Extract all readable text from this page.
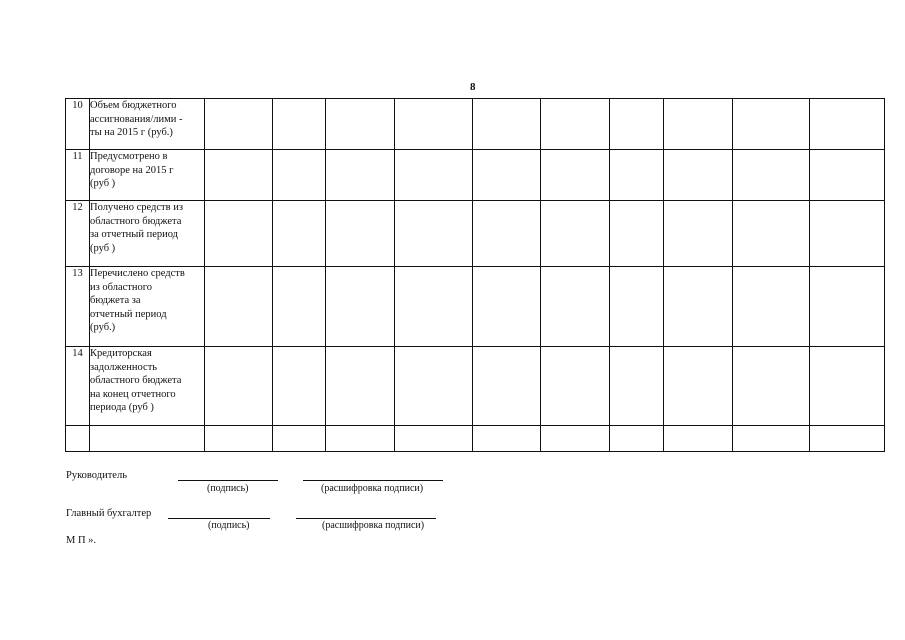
8
10	Объем бюджетного
ассигнования/лими -
ты на 2015 г (руб.)										
11	Предусмотрено в
договоре на 2015 г
(руб )										
12	Получено средств из
областного бюджета
за отчетный период
(руб )										
13	Перечислено средств
из областного
бюджета за
отчетный период
(руб.)										
14	Кредиторская
задолженность
областного бюджета
на конец отчетного
периода (руб )										

Руководитель
(подпись)	(расшифровка подписи)
Главный бухгалтер
(подпись)	(расшифровка подписи)
М П ».
